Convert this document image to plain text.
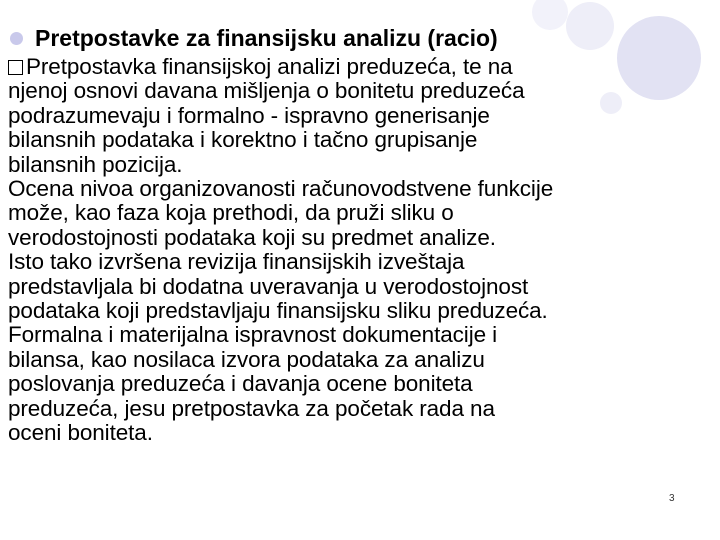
Pretpostavke za finansijsku analizu (racio)
Pretpostavka finansijskoj analizi preduzeća, te na
njenoj osnovi davana mišljenja o bonitetu preduzeća
podrazumevaju i formalno - ispravno generisanje
bilansnih podataka i korektno i tačno grupisanje
bilansnih pozicija.
Ocena nivoa organizovanosti računovodstvene funkcije
može, kao faza koja prethodi, da pruži sliku o
verodostojnosti podataka koji su predmet analize.
Isto tako izvršena revizija finansijskih izveštaja
predstavljala bi dodatna uveravanja u verodostojnost
podataka koji predstavljaju finansijsku sliku preduzeća.
Formalna i materijalna ispravnost dokumentacije i
bilansa, kao nosilaca izvora podataka za analizu
poslovanja preduzeća i davanja ocene boniteta
preduzeća, jesu pretpostavka za početak rada na
oceni boniteta.
3
